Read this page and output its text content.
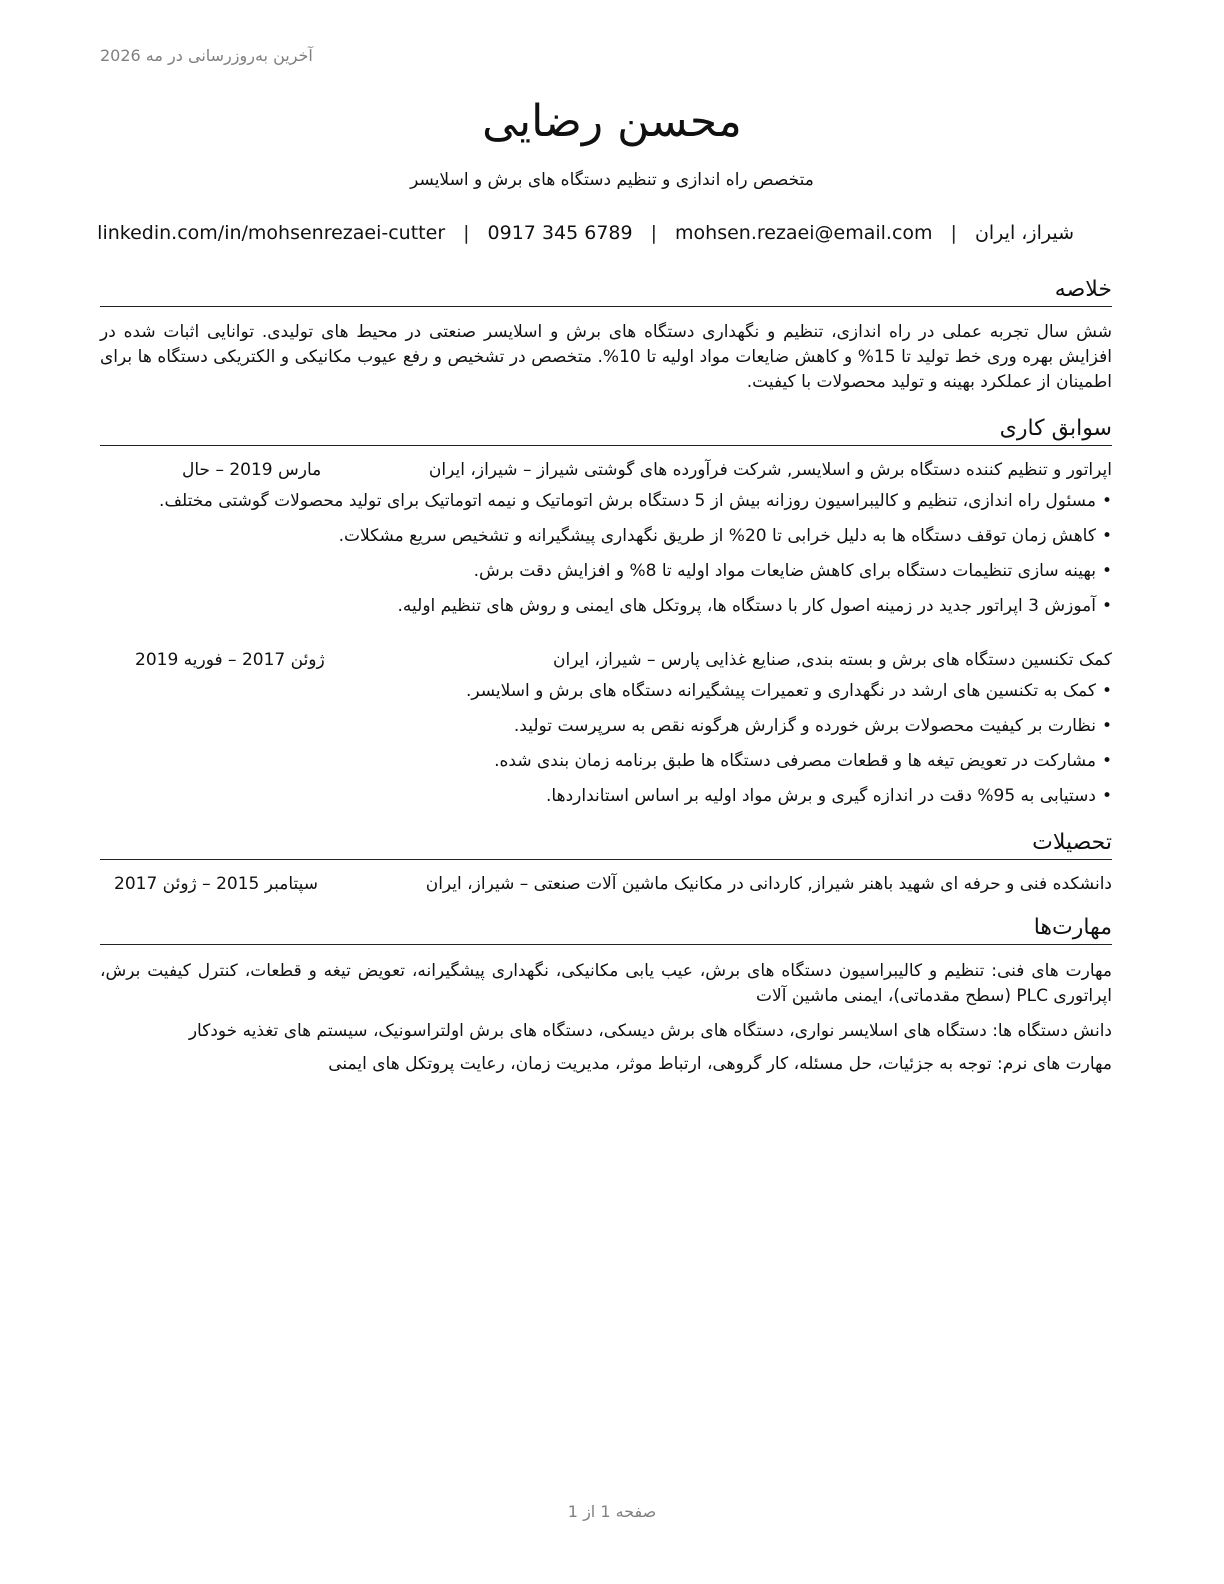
آخرین به‌روزرسانی در مه 2026
محسن رضایی
متخصص راه اندازی و تنظیم دستگاه های برش و اسلایسر
شیراز، ایران
|
mohsen.rezaei@email.com
|
0917 345 6789
|
linkedin.com/in/mohsenrezaei-cutter
خلاصه
شش سال تجربه عملی در راه اندازی، تنظیم و نگهداری دستگاه های برش و اسلایسر صنعتی در محیط های تولیدی. توانایی اثبات شده در افزایش بهره وری خط تولید تا 15% و کاهش ضایعات مواد اولیه تا 10%. متخصص در تشخیص و رفع عیوب مکانیکی و الکتریکی دستگاه ها برای اطمینان از عملکرد بهینه و تولید محصولات با کیفیت.
سوابق کاری
اپراتور و تنظیم کننده دستگاه برش و اسلایسر, شرکت فرآورده های گوشتی شیراز – شیراز، ایران
مارس 2019 – حال
•مسئول راه اندازی، تنظیم و کالیبراسیون روزانه بیش از 5 دستگاه برش اتوماتیک و نیمه اتوماتیک برای تولید محصولات گوشتی مختلف.
•کاهش زمان توقف دستگاه ها به دلیل خرابی تا 20% از طریق نگهداری پیشگیرانه و تشخیص سریع مشکلات.
•بهینه سازی تنظیمات دستگاه برای کاهش ضایعات مواد اولیه تا 8% و افزایش دقت برش.
•آموزش 3 اپراتور جدید در زمینه اصول کار با دستگاه ها، پروتکل های ایمنی و روش های تنظیم اولیه.
کمک تکنسین دستگاه های برش و بسته بندی, صنایع غذایی پارس – شیراز، ایران
ژوئن 2017 – فوریه 2019
•کمک به تکنسین های ارشد در نگهداری و تعمیرات پیشگیرانه دستگاه های برش و اسلایسر.
•نظارت بر کیفیت محصولات برش خورده و گزارش هرگونه نقص به سرپرست تولید.
•مشارکت در تعویض تیغه ها و قطعات مصرفی دستگاه ها طبق برنامه زمان بندی شده.
•دستیابی به 95% دقت در اندازه گیری و برش مواد اولیه بر اساس استانداردها.
تحصیلات
دانشکده فنی و حرفه ای شهید باهنر شیراز, کاردانی در مکانیک ماشین آلات صنعتی – شیراز، ایران
سپتامبر 2015 – ژوئن 2017
مهارت‌ها
مهارت های فنی: تنظیم و کالیبراسیون دستگاه های برش، عیب یابی مکانیکی، نگهداری پیشگیرانه، تعویض تیغه و قطعات، کنترل کیفیت برش، اپراتوری PLC (سطح مقدماتی)، ایمنی ماشین آلات
دانش دستگاه ها: دستگاه های اسلایسر نواری، دستگاه های برش دیسکی، دستگاه های برش اولتراسونیک، سیستم های تغذیه خودکار
مهارت های نرم: توجه به جزئیات، حل مسئله، کار گروهی، ارتباط موثر، مدیریت زمان، رعایت پروتکل های ایمنی
صفحه 1 از 1
